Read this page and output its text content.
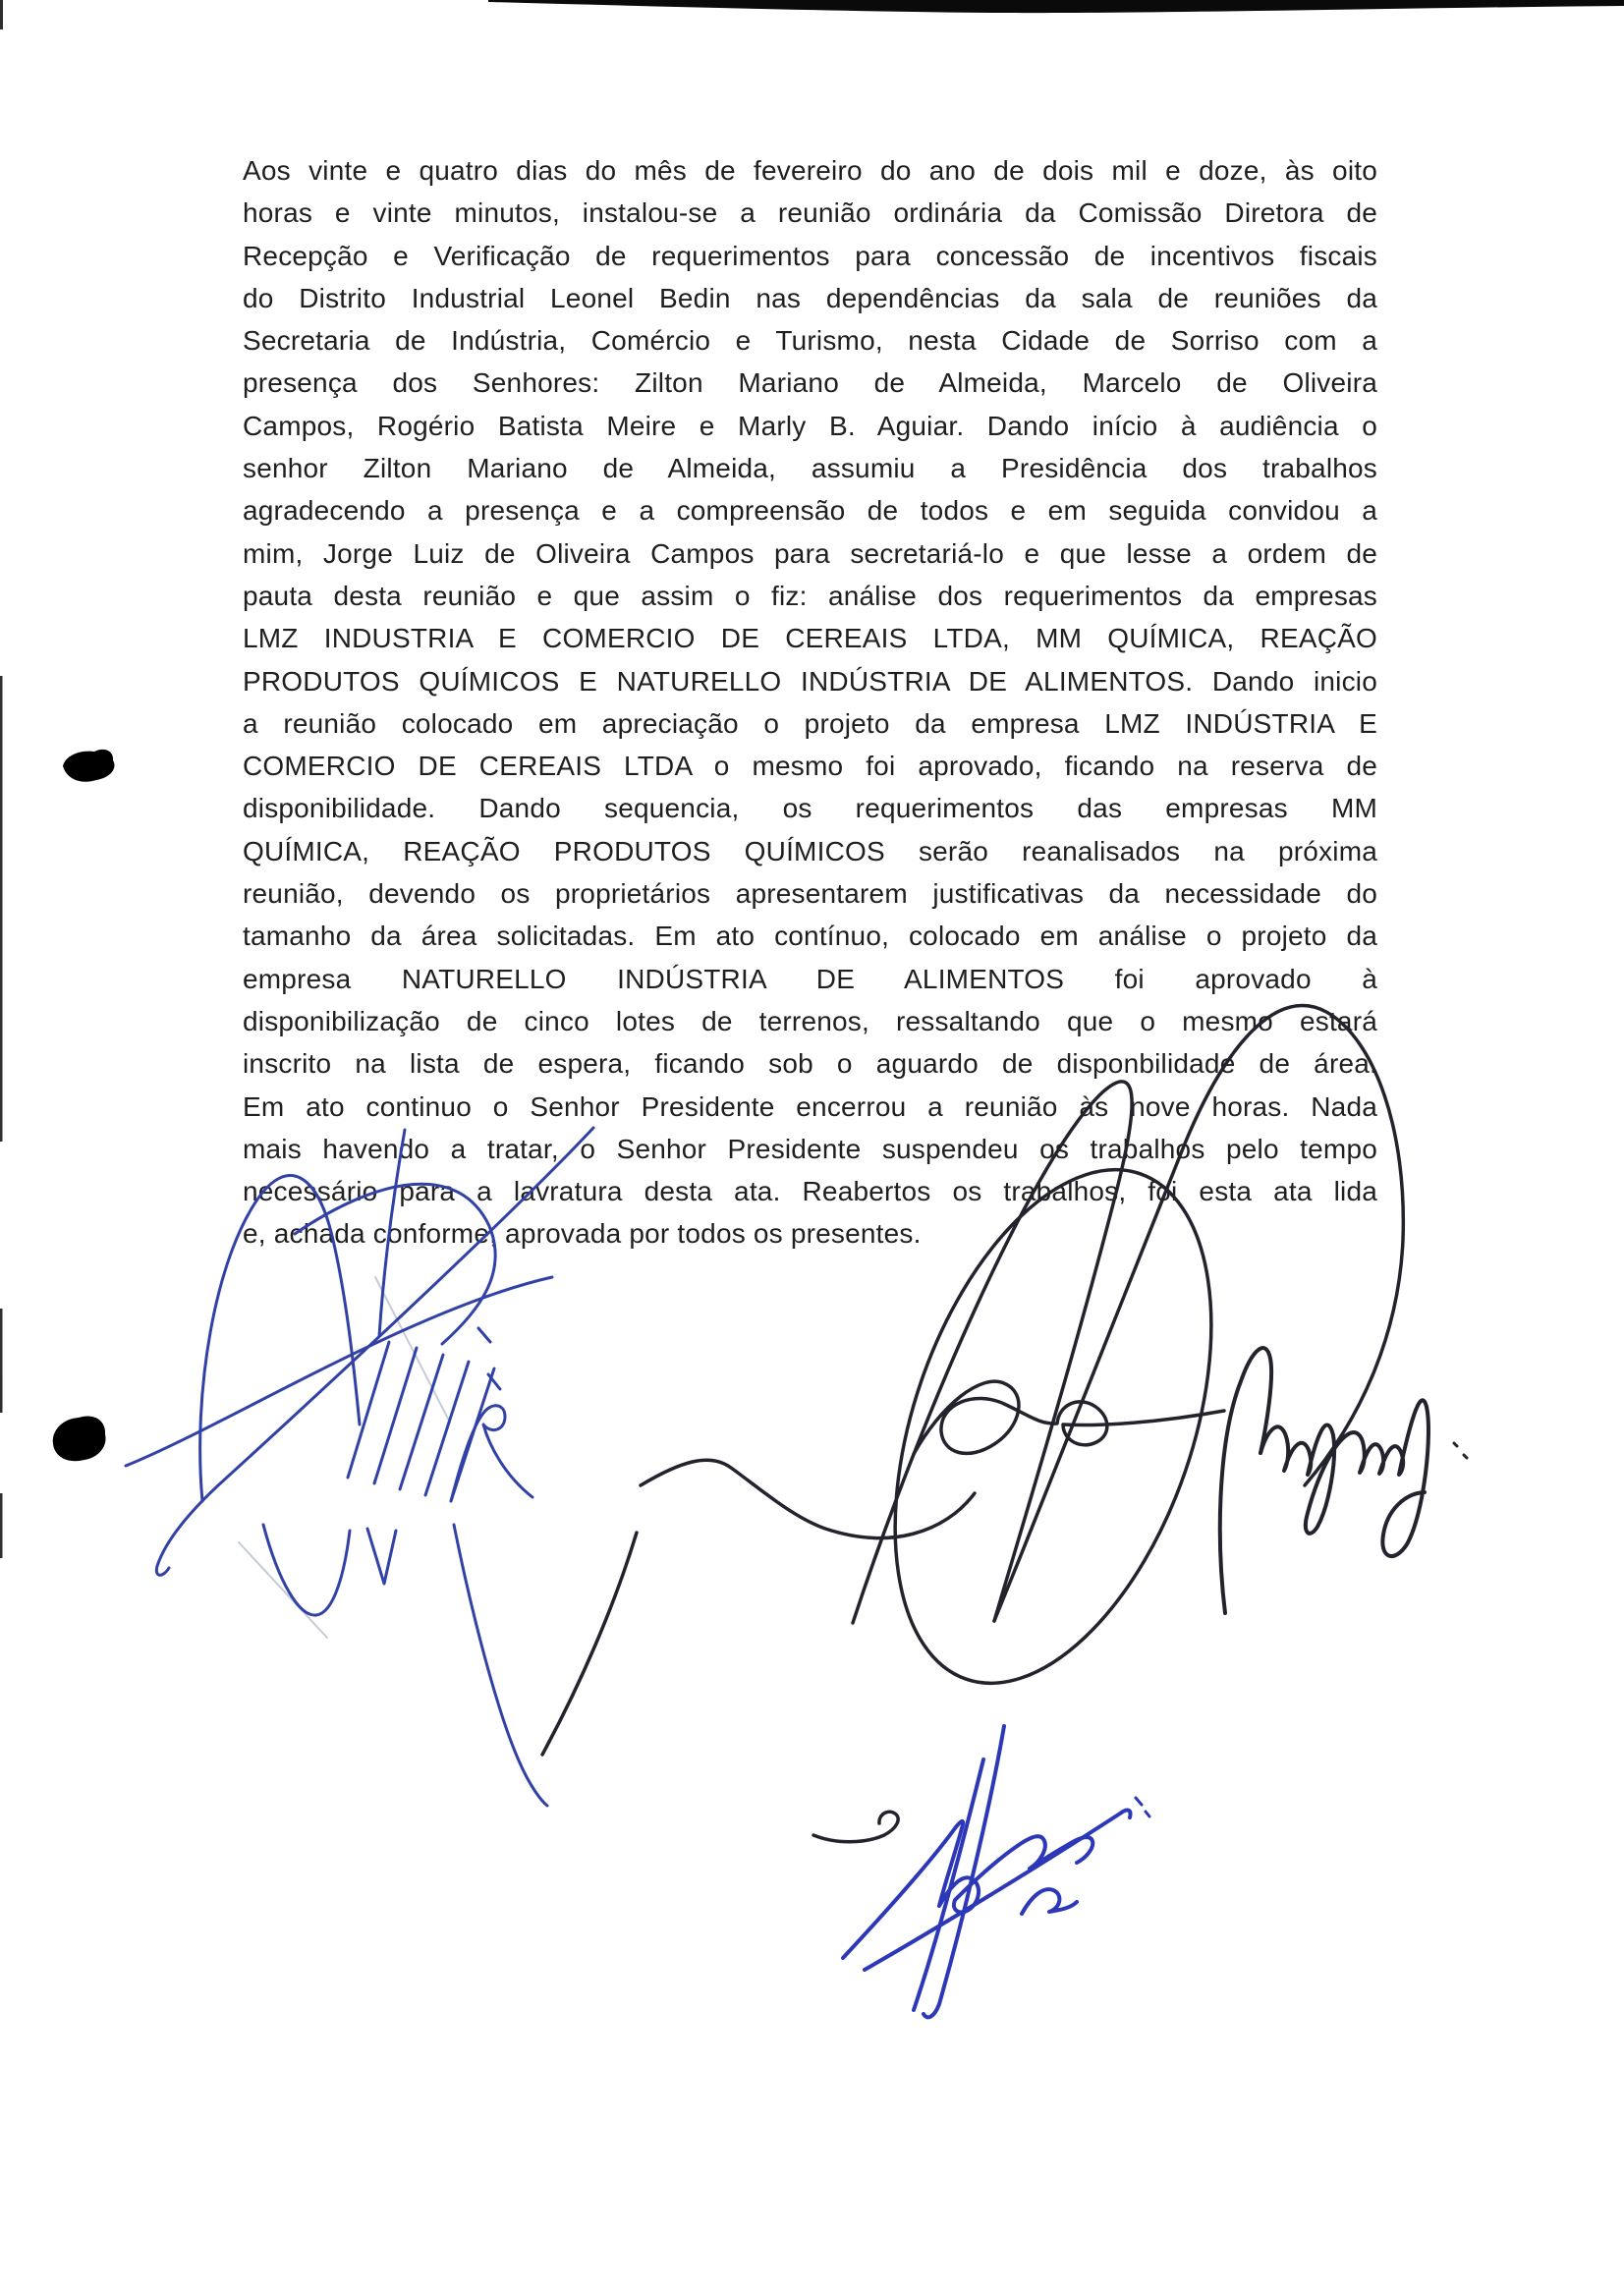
Aos vinte e quatro dias do mês de fevereiro do ano de dois mil e doze, às oito
horas e vinte minutos, instalou-se a reunião ordinária da Comissão Diretora de
Recepção e Verificação de requerimentos para concessão de incentivos fiscais
do Distrito Industrial Leonel Bedin nas dependências da sala de reuniões da
Secretaria de Indústria, Comércio e Turismo, nesta Cidade de Sorriso com a
presença dos Senhores: Zilton Mariano de Almeida, Marcelo de Oliveira
Campos, Rogério Batista Meire e Marly B. Aguiar. Dando início à audiência o
senhor Zilton Mariano de Almeida, assumiu a Presidência dos trabalhos
agradecendo a presença e a compreensão de todos e em seguida convidou a
mim, Jorge Luiz de Oliveira Campos para secretariá-lo e que lesse a ordem de
pauta desta reunião e que assim o fiz: análise dos requerimentos da empresas
LMZ INDUSTRIA E COMERCIO DE CEREAIS LTDA, MM QUÍMICA, REAÇÃO
PRODUTOS QUÍMICOS E NATURELLO INDÚSTRIA DE ALIMENTOS. Dando inicio
a reunião colocado em apreciação o projeto da empresa LMZ INDÚSTRIA E
COMERCIO DE CEREAIS LTDA o mesmo foi aprovado, ficando na reserva de
disponibilidade. Dando sequencia, os requerimentos das empresas MM
QUÍMICA, REAÇÃO PRODUTOS QUÍMICOS serão reanalisados na próxima
reunião, devendo os proprietários apresentarem justificativas da necessidade do
tamanho da área solicitadas. Em ato contínuo, colocado em análise o projeto da
empresa NATURELLO INDÚSTRIA DE ALIMENTOS foi aprovado à
disponibilização de cinco lotes de terrenos, ressaltando que o mesmo estará
inscrito na lista de espera, ficando sob o aguardo de disponbilidade de área.
Em ato continuo o Senhor Presidente encerrou a reunião às nove horas. Nada
mais havendo a tratar, o Senhor Presidente suspendeu os trabalhos pelo tempo
necessário para a lavratura desta ata. Reabertos os trabalhos, foi esta ata lida
e, achada conforme, aprovada por todos os presentes.
